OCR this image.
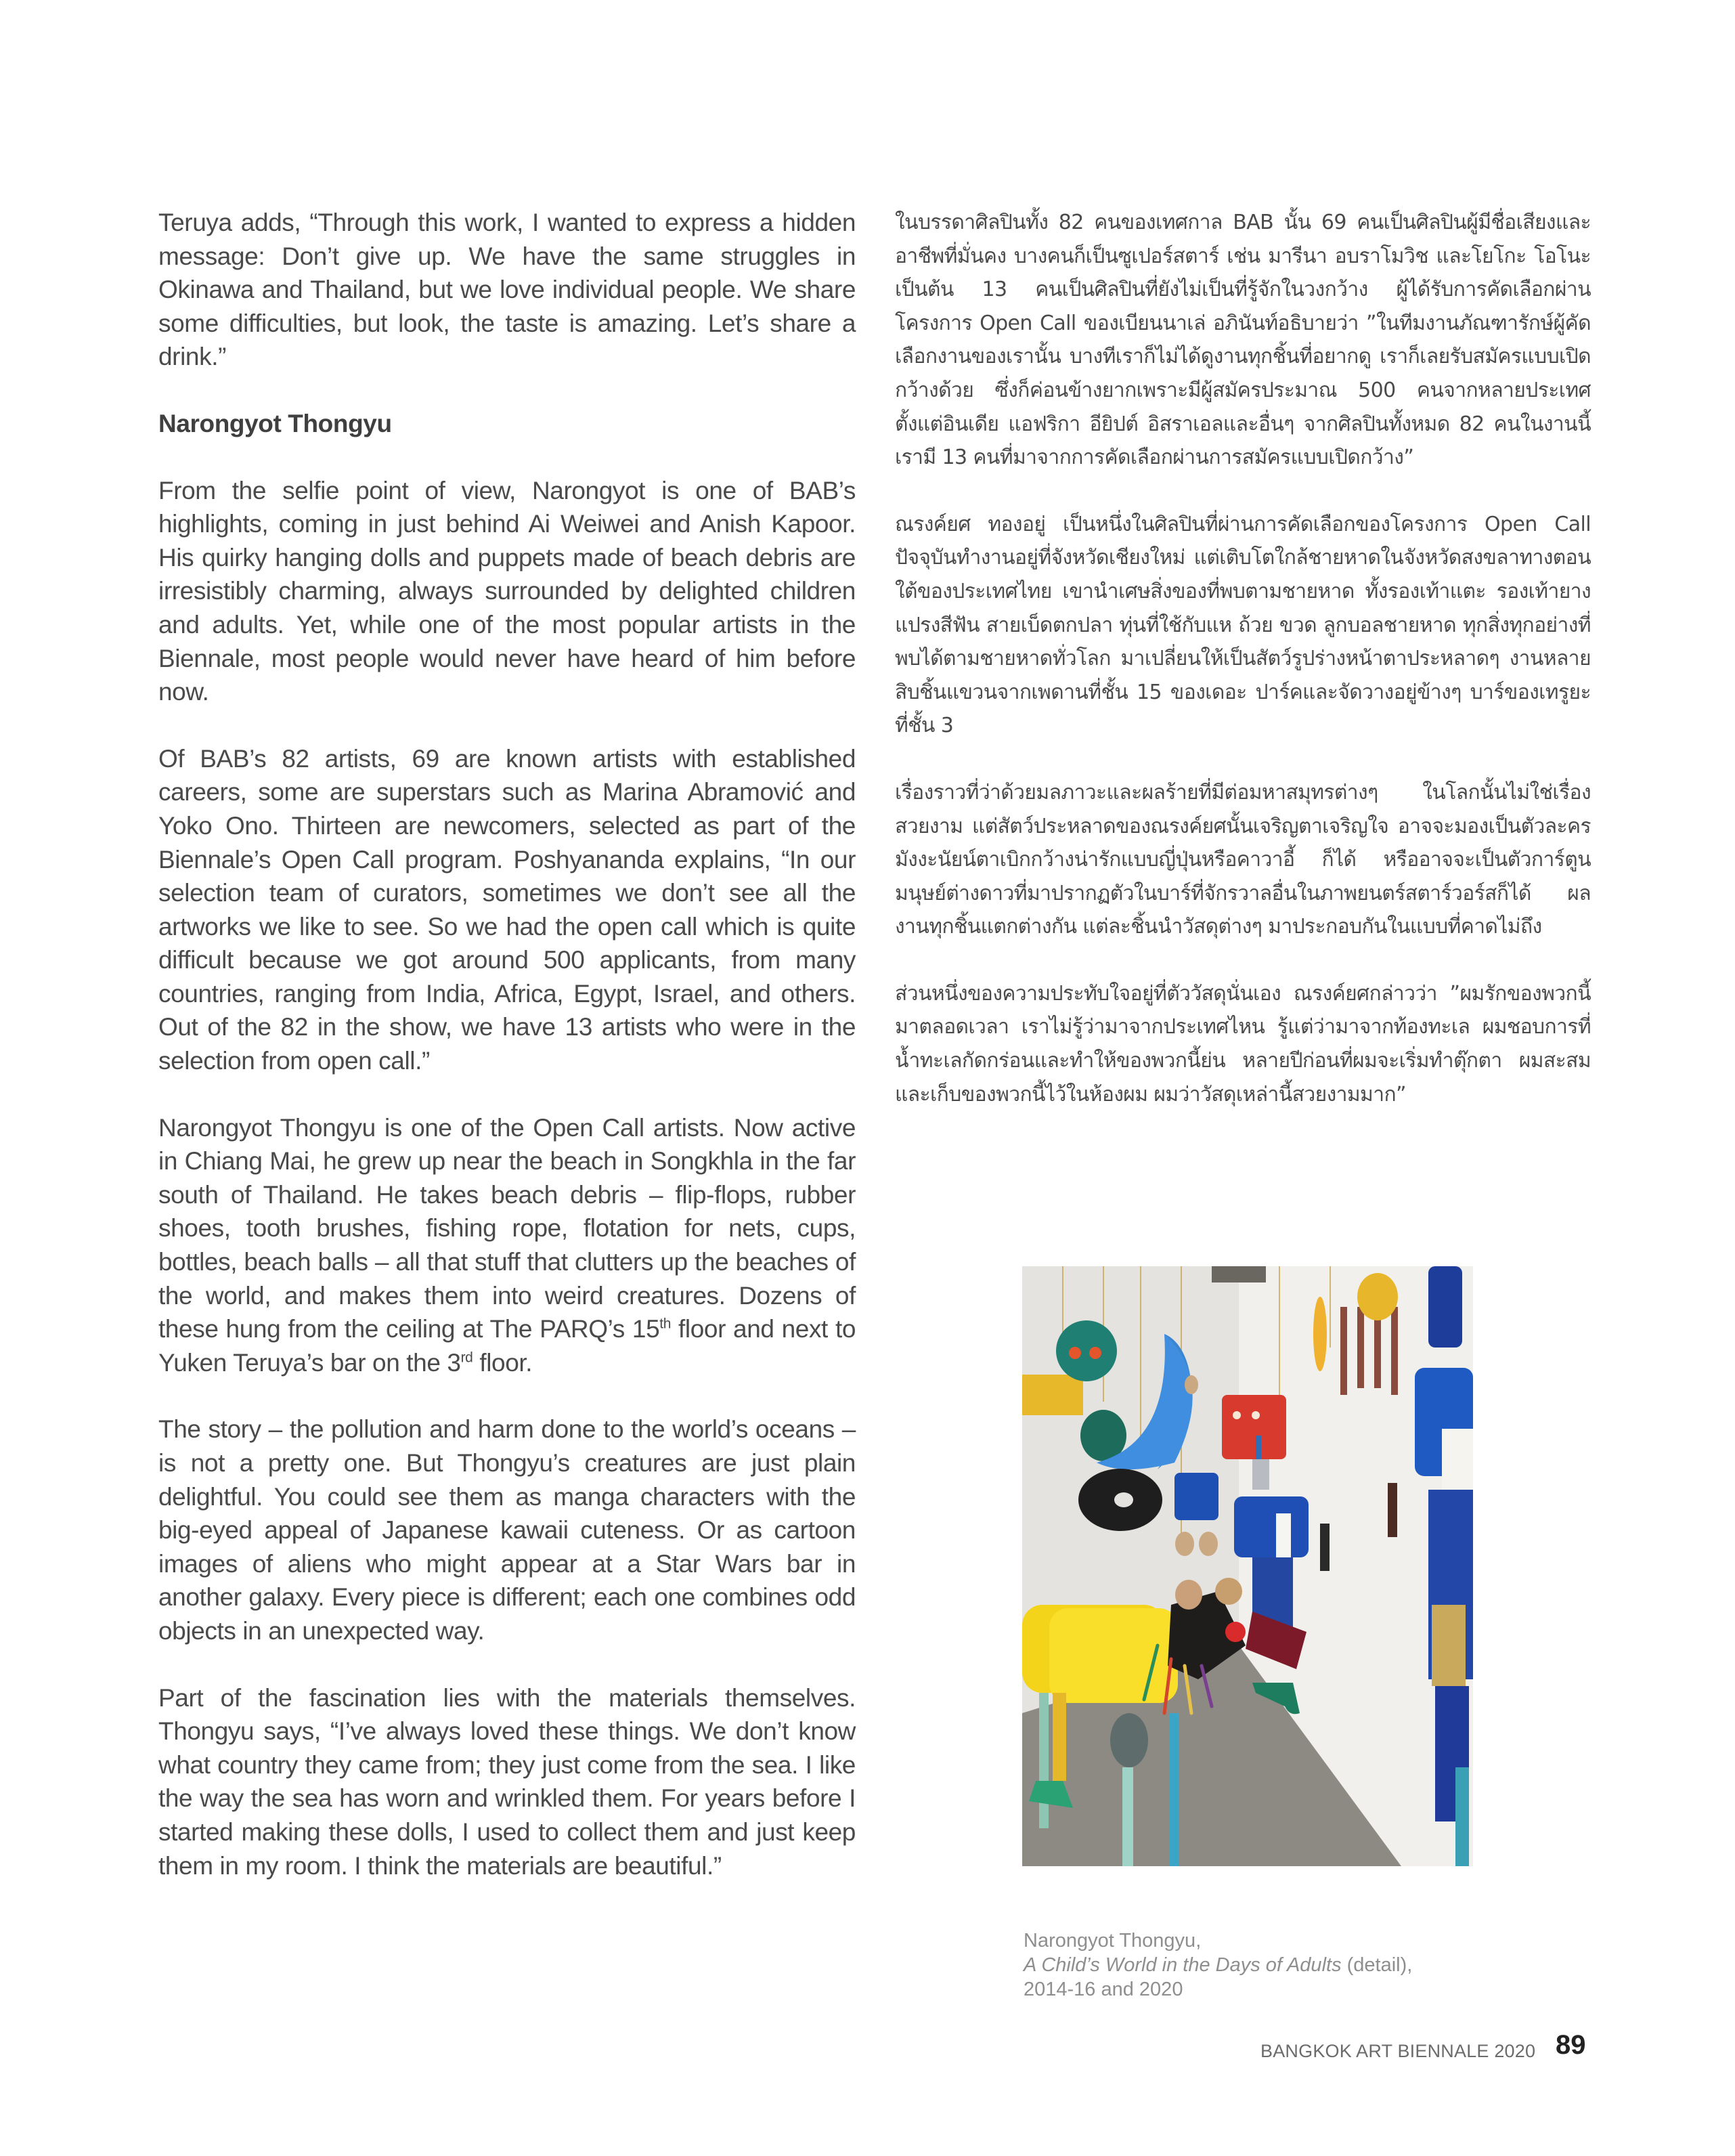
Teruya adds, “Through this work, I wanted to express a hidden message: Don’t give up. We have the same struggles in Okinawa and Thailand, but we love individual people. We share some difficulties, but look, the taste is amazing. Let’s share a drink.”

Narongyot Thongyu

From the selfie point of view, Narongyot is one of BAB’s highlights, coming in just behind Ai Weiwei and Anish Kapoor. His quirky hanging dolls and puppets made of beach debris are irresistibly charming, always surrounded by delighted children and adults. Yet, while one of the most popular artists in the Biennale, most people would never have heard of him before now.

Of BAB’s 82 artists, 69 are known artists with established careers, some are superstars such as Marina Abramović and Yoko Ono. Thirteen are newcomers, selected as part of the Biennale’s Open Call program. Poshyananda explains, “In our selection team of curators, sometimes we don’t see all the artworks we like to see. So we had the open call which is quite difficult because we got around 500 applicants, from many countries, ranging from India, Africa, Egypt, Israel, and others. Out of the 82 in the show, we have 13 artists who were in the selection from open call.”

Narongyot Thongyu is one of the Open Call artists. Now active in Chiang Mai, he grew up near the beach in Songkhla in the far south of Thailand. He takes beach debris – flip-flops, rubber shoes, tooth brushes, fishing rope, flotation for nets, cups, bottles, beach balls – all that stuff that clutters up the beaches of the world, and makes them into weird creatures. Dozens of these hung from the ceiling at The PARQ’s 15th floor and next to Yuken Teruya’s bar on the 3rd floor.

The story – the pollution and harm done to the world’s oceans – is not a pretty one. But Thongyu’s creatures are just plain delightful. You could see them as manga characters with the big-eyed appeal of Japanese kawaii cuteness. Or as cartoon images of aliens who might appear at a Star Wars bar in another galaxy. Every piece is different; each one combines odd objects in an unexpected way.

Part of the fascination lies with the materials themselves. Thongyu says, “I’ve always loved these things. We don’t know what country they came from; they just come from the sea. I like the way the sea has worn and wrinkled them. For years before I started making these dolls, I used to collect them and just keep them in my room. I think the materials are beautiful.”

ในบรรดาศิลปินทั้ง 82 คนของเทศกาล BAB นั้น 69 คนเป็นศิลปินผู้มีชื่อเสียงและอาชีพที่มั่นคง บางคนก็เป็นซูเปอร์สตาร์ เช่น มารีนา อบราโมวิช และโยโกะ โอโนะ เป็นต้น 13 คนเป็นศิลปินที่ยังไม่เป็นที่รู้จักในวงกว้าง ผู้ได้รับการคัดเลือกผ่านโครงการ Open Call ของเบียนนาเล่ อภินันท์อธิบายว่า ”ในทีมงานภัณฑารักษ์ผู้คัดเลือกงานของเรานั้น บางทีเราก็ไม่ได้ดูงานทุกชิ้นที่อยากดู เราก็เลยรับสมัครแบบเปิดกว้างด้วย ซึ่งก็ค่อนข้างยากเพราะมีผู้สมัครประมาณ 500 คนจากหลายประเทศตั้งแต่อินเดีย แอฟริกา อียิปต์ อิสราเอลและอื่นๆ จากศิลปินทั้งหมด 82 คนในงานนี้เรามี 13 คนที่มาจากการคัดเลือกผ่านการสมัครแบบเปิดกว้าง”

ณรงค์ยศ ทองอยู่ เป็นหนึ่งในศิลปินที่ผ่านการคัดเลือกของโครงการ Open Call ปัจจุบันทำงานอยู่ที่จังหวัดเชียงใหม่ แต่เติบโตใกล้ชายหาดในจังหวัดสงขลาทางตอนใต้ของประเทศไทย เขานำเศษสิ่งของที่พบตามชายหาด ทั้งรองเท้าแตะ รองเท้ายาง แปรงสีฟัน สายเบ็ดตกปลา ทุ่นที่ใช้กับแห ถ้วย ขวด ลูกบอลชายหาด ทุกสิ่งทุกอย่างที่พบได้ตามชายหาดทั่วโลก มาเปลี่ยนให้เป็นสัตว์รูปร่างหน้าตาประหลาดๆ งานหลายสิบชิ้นแขวนจากเพดานที่ชั้น 15 ของเดอะ ปาร์คและจัดวางอยู่ข้างๆ บาร์ของเทรูยะที่ชั้น 3

เรื่องราวที่ว่าด้วยมลภาวะและผลร้ายที่มีต่อมหาสมุทรต่างๆ ในโลกนั้นไม่ใช่เรื่องสวยงาม แต่สัตว์ประหลาดของณรงค์ยศนั้นเจริญตาเจริญใจ อาจจะมองเป็นตัวละครมังงะนัยน์ตาเบิกกว้างน่ารักแบบญี่ปุ่นหรือคาวาอี้ ก็ได้ หรืออาจจะเป็นตัวการ์ตูนมนุษย์ต่างดาวที่มาปรากฏตัวในบาร์ที่จักรวาลอื่นในภาพยนตร์สตาร์วอร์สก็ได้ ผลงานทุกชิ้นแตกต่างกัน แต่ละชิ้นนำวัสดุต่างๆ มาประกอบกันในแบบที่คาดไม่ถึง

ส่วนหนึ่งของความประทับใจอยู่ที่ตัววัสดุนั่นเอง ณรงค์ยศกล่าวว่า ”ผมรักของพวกนี้มาตลอดเวลา เราไม่รู้ว่ามาจากประเทศไหน รู้แต่ว่ามาจากท้องทะเล ผมชอบการที่น้ำทะเลกัดกร่อนและทำให้ของพวกนี้ย่น หลายปีก่อนที่ผมจะเริ่มทำตุ๊กตา ผมสะสมและเก็บของพวกนี้ไว้ในห้องผม ผมว่าวัสดุเหล่านี้สวยงามมาก”

Narongyot Thongyu,
A Child’s World in the Days of Adults (detail),
2014-16 and 2020
BANGKOK ART BIENNALE 2020 89
